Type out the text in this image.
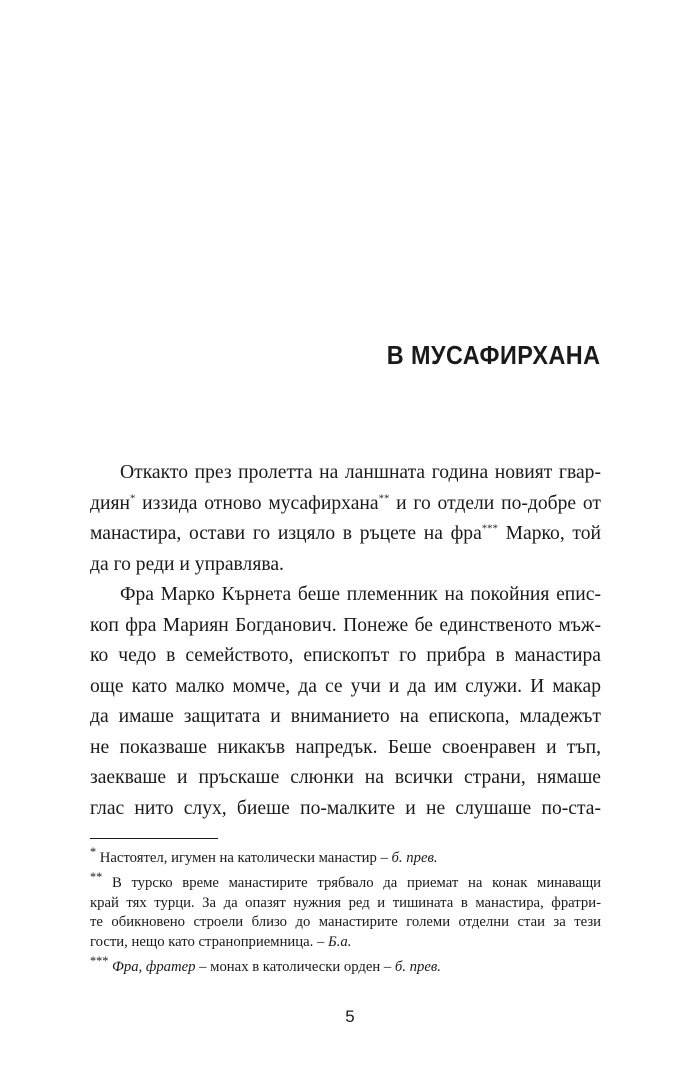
В МУСАФИРХАНА
Откакто през пролетта на ланшната година новият гвар-
диян* иззида отново мусафирхана** и го отдели по-добре от
манастира, остави го изцяло в ръцете на фра*** Марко, той
да го реди и управлява.
Фра Марко Кърнета беше племенник на покойния епис-
коп фра Мариян Богданович. Понеже бе единственото мъж-
ко чедо в семейството, епископът го прибра в манастира
още като малко момче, да се учи и да им служи. И макар
да имаше защитата и вниманието на епископа, младежът
не показваше никакъв напредък. Беше своенравен и тъп,
заекваше и пръскаше слюнки на всички страни, нямаше
глас нито слух, биеше по-малките и не слушаше по-ста-
* Настоятел, игумен на католически манастир – б. прев.
** В турско време манастирите трябвало да приемат на конак минаващи
край тях турци. За да опазят нужния ред и тишината в манастира, фратри-
те обикновено строели близо до манастирите големи отделни стаи за тези
гости, нещо като страноприемница. – Б.а.
*** Фра, фратер – монах в католически орден – б. прев.
5
